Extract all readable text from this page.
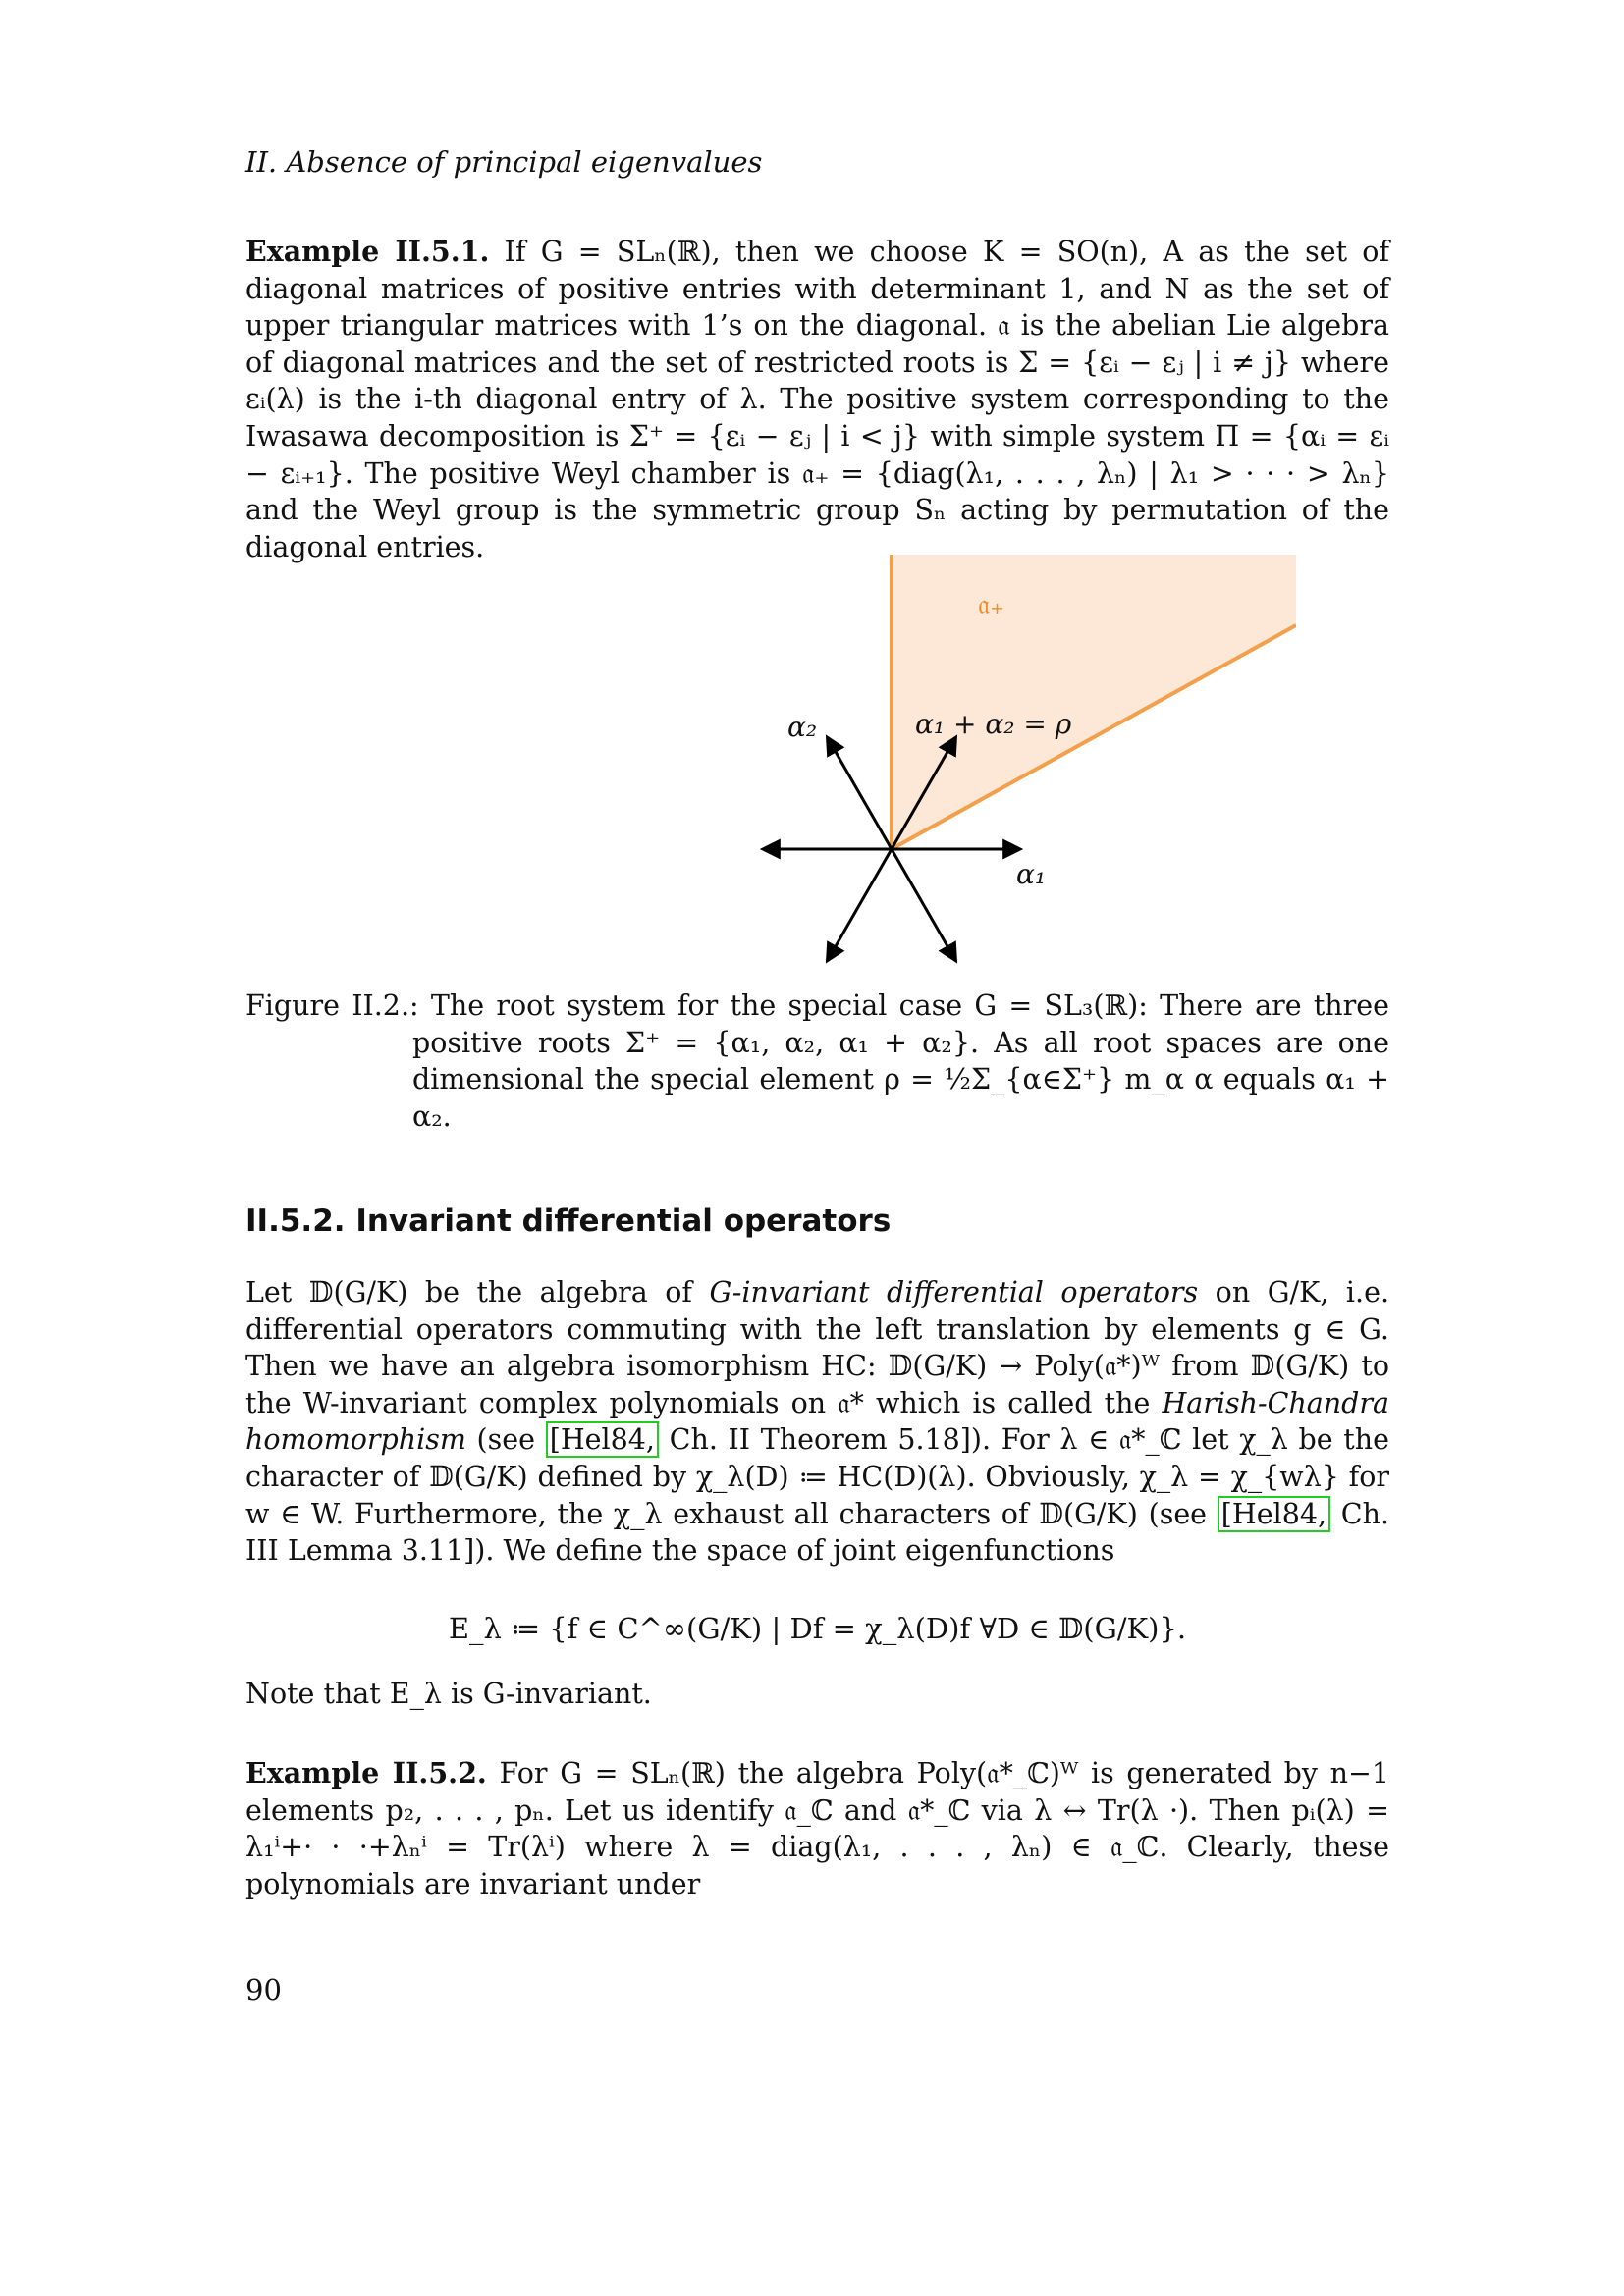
II. Absence of principal eigenvalues
Example II.5.1. If G = SLₙ(ℝ), then we choose K = SO(n), A as the set of diagonal matrices of positive entries with determinant 1, and N as the set of upper triangular matrices with 1’s on the diagonal. 𝔞 is the abelian Lie algebra of diagonal matrices and the set of restricted roots is Σ = {εᵢ − εⱼ | i ≠ j} where εᵢ(λ) is the i-th diagonal entry of λ. The positive system corresponding to the Iwasawa decomposition is Σ⁺ = {εᵢ − εⱼ | i < j} with simple system Π = {αᵢ = εᵢ − εᵢ₊₁}. The positive Weyl chamber is 𝔞₊ = {diag(λ₁, . . . , λₙ) | λ₁ > · · · > λₙ} and the Weyl group is the symmetric group Sₙ acting by permutation of the diagonal entries.
𝔞₊
α₂	α₁ + α₂ = ρ
α₁
Figure II.2.: The root system for the special case G = SL₃(ℝ): There are three positive roots Σ⁺ = {α₁, α₂, α₁ + α₂}. As all root spaces are one dimensional the special element ρ = ½Σ_{α∈Σ⁺} m_α α equals α₁ + α₂.
II.5.2. Invariant differential operators
Let 𝔻(G/K) be the algebra of G-invariant differential operators on G/K, i.e. differential operators commuting with the left translation by elements g ∈ G. Then we have an algebra isomorphism HC: 𝔻(G/K) → Poly(𝔞*)ᵂ from 𝔻(G/K) to the W-invariant complex polynomials on 𝔞* which is called the Harish-Chandra homomorphism (see [Hel84, Ch. II Theorem 5.18]). For λ ∈ 𝔞*_ℂ let χ_λ be the character of 𝔻(G/K) defined by χ_λ(D) ≔ HC(D)(λ). Obviously, χ_λ = χ_{wλ} for w ∈ W. Furthermore, the χ_λ exhaust all characters of 𝔻(G/K) (see [Hel84, Ch. III Lemma 3.11]). We define the space of joint eigenfunctions
E_λ ≔ {f ∈ C^∞(G/K) | Df = χ_λ(D)f ∀D ∈ 𝔻(G/K)}.
Note that E_λ is G-invariant.
Example II.5.2. For G = SLₙ(ℝ) the algebra Poly(𝔞*_ℂ)ᵂ is generated by n−1 elements p₂, . . . , pₙ. Let us identify 𝔞_ℂ and 𝔞*_ℂ via λ ↔ Tr(λ ·). Then pᵢ(λ) = λ₁ⁱ+· · ·+λₙⁱ = Tr(λⁱ) where λ = diag(λ₁, . . . , λₙ) ∈ 𝔞_ℂ. Clearly, these polynomials are invariant under
90
